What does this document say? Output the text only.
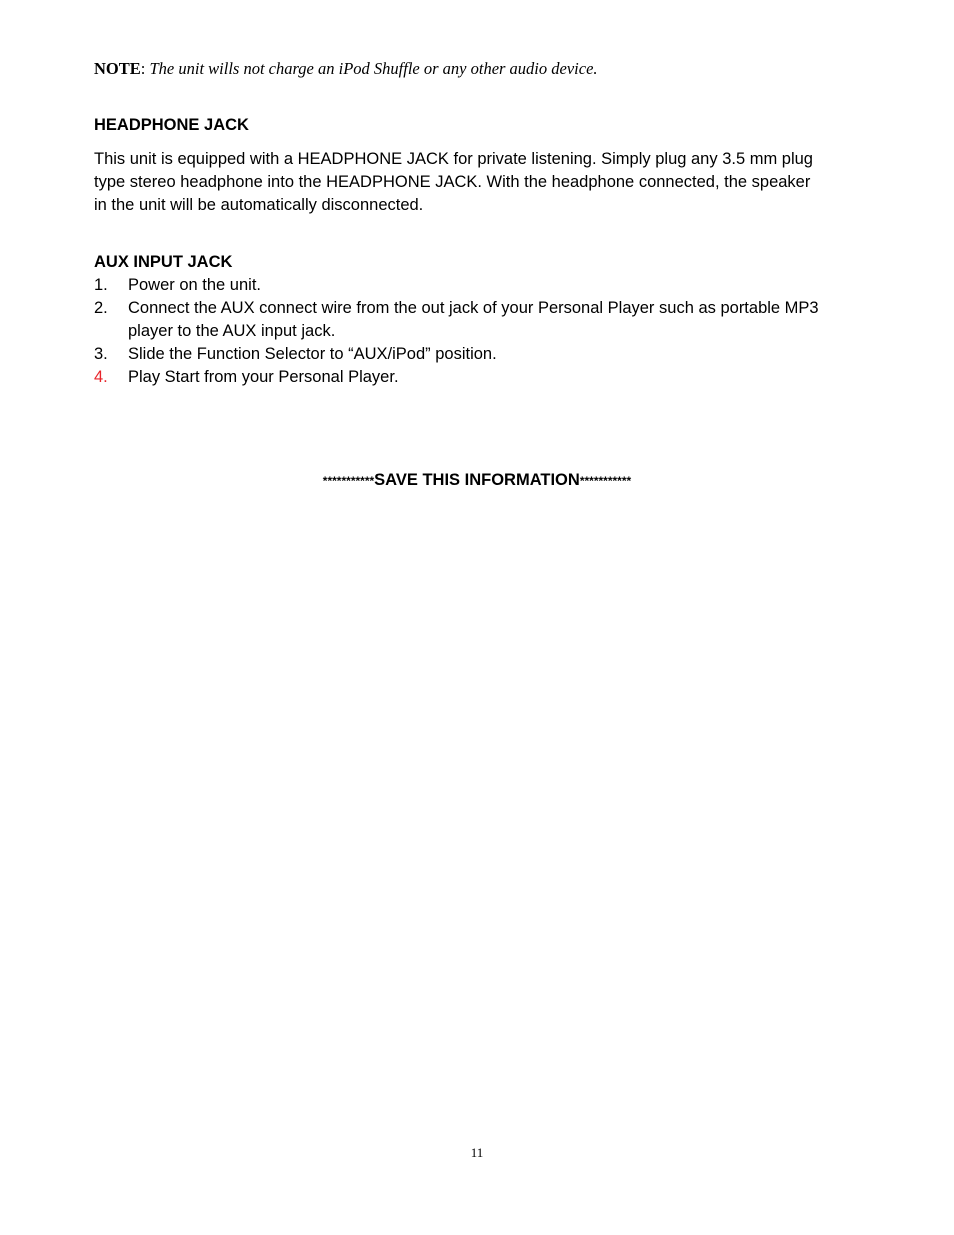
NOTE: The unit wills not charge an iPod Shuffle or any other audio device.
HEADPHONE JACK

This unit is equipped with a HEADPHONE JACK for private listening. Simply plug any 3.5 mm plug
type stereo headphone into the HEADPHONE JACK. With the headphone connected, the speaker
in the unit will be automatically disconnected.

AUX INPUT JACK
1. Power on the unit.
2. Connect the AUX connect wire from the out jack of your Personal Player such as portable MP3
player to the AUX input jack.
3. Slide the Function Selector to “AUX/iPod” position.
4. Play Start from your Personal Player.
***********SAVE THIS INFORMATION***********
11
